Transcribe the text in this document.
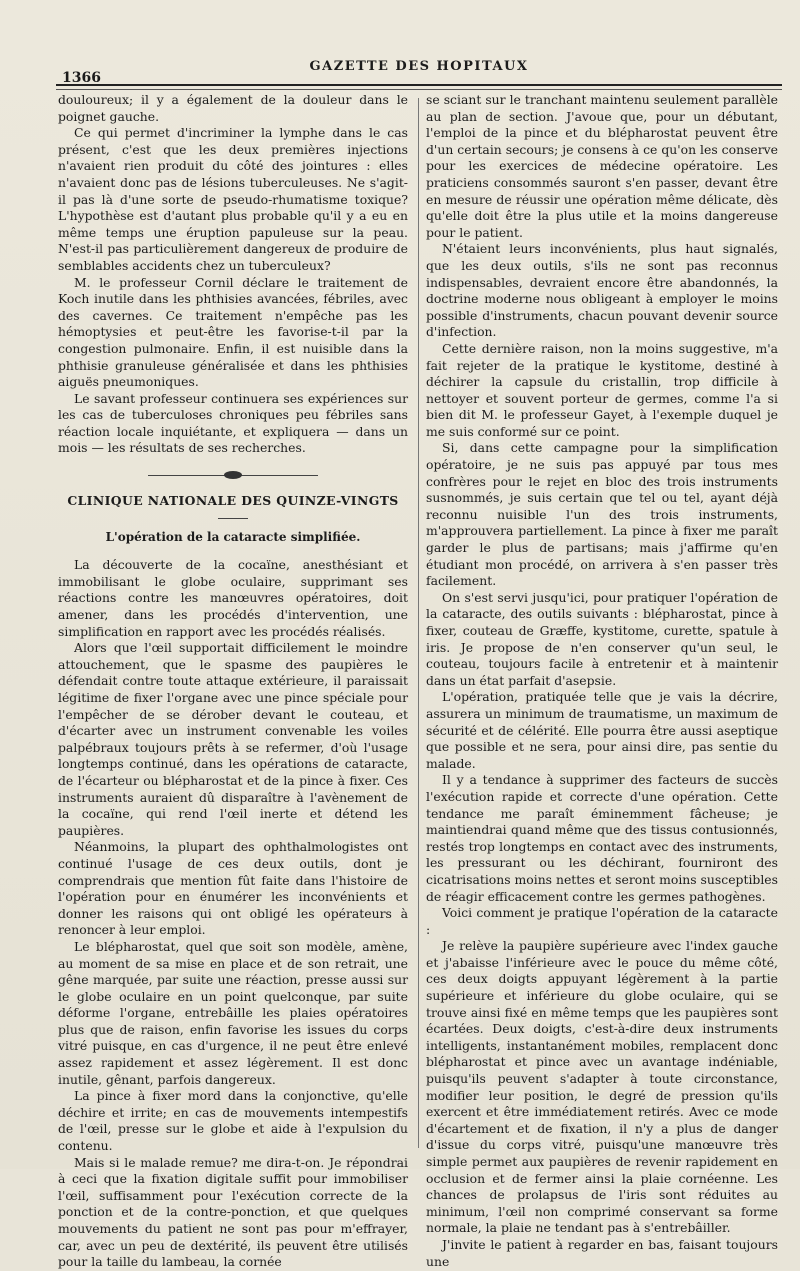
1366
GAZETTE DES HOPITAUX

douloureux; il y a également de la douleur dans le poignet gauche.

Ce qui permet d'incriminer la lymphe dans le cas présent, c'est que les deux premières injections n'avaient rien produit du côté des jointures : elles n'avaient donc pas de lésions tuberculeuses. Ne s'agit-il pas là d'une sorte de pseudo-rhumatisme toxique? L'hypothèse est d'autant plus probable qu'il y a eu en même temps une éruption papuleuse sur la peau. N'est-il pas particulièrement dangereux de produire de semblables accidents chez un tuberculeux?

M. le professeur Cornil déclare le traitement de Koch inutile dans les phthisies avancées, fébriles, avec des cavernes. Ce traitement n'empêche pas les hémoptysies et peut-être les favorise-t-il par la congestion pulmonaire. Enfin, il est nuisible dans la phthisie granuleuse généralisée et dans les phthisies aiguës pneumoniques.

Le savant professeur continuera ses expériences sur les cas de tuberculoses chroniques peu fébriles sans réaction locale inquiétante, et expliquera — dans un mois — les résultats de ses recherches.

CLINIQUE NATIONALE DES QUINZE-VINGTS
L'opération de la cataracte simplifiée.

La découverte de la cocaïne, anesthésiant et immobilisant le globe oculaire, supprimant ses réactions contre les manœuvres opératoires, doit amener, dans les procédés d'intervention, une simplification en rapport avec les procédés réalisés.

Alors que l'œil supportait difficilement le moindre attouchement, que le spasme des paupières le défendait contre toute attaque extérieure, il paraissait légitime de fixer l'organe avec une pince spéciale pour l'empêcher de se dérober devant le couteau, et d'écarter avec un instrument convenable les voiles palpébraux toujours prêts à se refermer, d'où l'usage longtemps continué, dans les opérations de cataracte, de l'écarteur ou blépharostat et de la pince à fixer. Ces instruments auraient dû disparaître à l'avènement de la cocaïne, qui rend l'œil inerte et détend les paupières.

Néanmoins, la plupart des ophthalmologistes ont continué l'usage de ces deux outils, dont je comprendrais que mention fût faite dans l'histoire de l'opération pour en énumérer les inconvénients et donner les raisons qui ont obligé les opérateurs à renoncer à leur emploi.

Le blépharostat, quel que soit son modèle, amène, au moment de sa mise en place et de son retrait, une gêne marquée, par suite une réaction, presse aussi sur le globe oculaire en un point quelconque, par suite déforme l'organe, entrebâille les plaies opératoires plus que de raison, enfin favorise les issues du corps vitré puisque, en cas d'urgence, il ne peut être enlevé assez rapidement et assez légèrement. Il est donc inutile, gênant, parfois dangereux.

La pince à fixer mord dans la conjonctive, qu'elle déchire et irrite; en cas de mouvements intempestifs de l'œil, presse sur le globe et aide à l'expulsion du contenu.

Mais si le malade remue? me dira-t-on. Je répondrai à ceci que la fixation digitale suffit pour immobiliser l'œil, suffisamment pour l'exécution correcte de la ponction et de la contre-ponction, et que quelques mouvements du patient ne sont pas pour m'effrayer, car, avec un peu de dextérité, ils peuvent être utilisés pour la taille du lambeau, la cornée

se sciant sur le tranchant maintenu seulement parallèle au plan de section. J'avoue que, pour un débutant, l'emploi de la pince et du blépharostat peuvent être d'un certain secours; je consens à ce qu'on les conserve pour les exercices de médecine opératoire. Les praticiens consommés sauront s'en passer, devant être en mesure de réussir une opération même délicate, dès qu'elle doit être la plus utile et la moins dangereuse pour le patient.

N'étaient leurs inconvénients, plus haut signalés, que les deux outils, s'ils ne sont pas reconnus indispensables, devraient encore être abandonnés, la doctrine moderne nous obligeant à employer le moins possible d'instruments, chacun pouvant devenir source d'infection.

Cette dernière raison, non la moins suggestive, m'a fait rejeter de la pratique le kystitome, destiné à déchirer la capsule du cristallin, trop difficile à nettoyer et souvent porteur de germes, comme l'a si bien dit M. le professeur Gayet, à l'exemple duquel je me suis conformé sur ce point.

Si, dans cette campagne pour la simplification opératoire, je ne suis pas appuyé par tous mes confrères pour le rejet en bloc des trois instruments susnommés, je suis certain que tel ou tel, ayant déjà reconnu nuisible l'un des trois instruments, m'approuvera partiellement. La pince à fixer me paraît garder le plus de partisans; mais j'affirme qu'en étudiant mon procédé, on arrivera à s'en passer très facilement.

On s'est servi jusqu'ici, pour pratiquer l'opération de la cataracte, des outils suivants : blépharostat, pince à fixer, couteau de Græffe, kystitome, curette, spatule à iris. Je propose de n'en conserver qu'un seul, le couteau, toujours facile à entretenir et à maintenir dans un état parfait d'asepsie.

L'opération, pratiquée telle que je vais la décrire, assurera un minimum de traumatisme, un maximum de sécurité et de célérité. Elle pourra être aussi aseptique que possible et ne sera, pour ainsi dire, pas sentie du malade.

Il y a tendance à supprimer des facteurs de succès l'exécution rapide et correcte d'une opération. Cette tendance me paraît éminemment fâcheuse; je maintiendrai quand même que des tissus contusionnés, restés trop longtemps en contact avec des instruments, les pressurant ou les déchirant, fourniront des cicatrisations moins nettes et seront moins susceptibles de réagir efficacement contre les germes pathogènes.

Voici comment je pratique l'opération de la cataracte :

Je relève la paupière supérieure avec l'index gauche et j'abaisse l'inférieure avec le pouce du même côté, ces deux doigts appuyant légèrement à la partie supérieure et inférieure du globe oculaire, qui se trouve ainsi fixé en même temps que les paupières sont écartées. Deux doigts, c'est-à-dire deux instruments intelligents, instantanément mobiles, remplacent donc blépharostat et pince avec un avantage indéniable, puisqu'ils peuvent s'adapter à toute circonstance, modifier leur position, le degré de pression qu'ils exercent et être immédiatement retirés. Avec ce mode d'écartement et de fixation, il n'y a plus de danger d'issue du corps vitré, puisqu'une manœuvre très simple permet aux paupières de revenir rapidement en occlusion et de fermer ainsi la plaie cornéenne. Les chances de prolapsus de l'iris sont réduites au minimum, l'œil non comprimé conservant sa forme normale, la plaie ne tendant pas à s'entrebâiller.

J'invite le patient à regarder en bas, faisant toujours une
